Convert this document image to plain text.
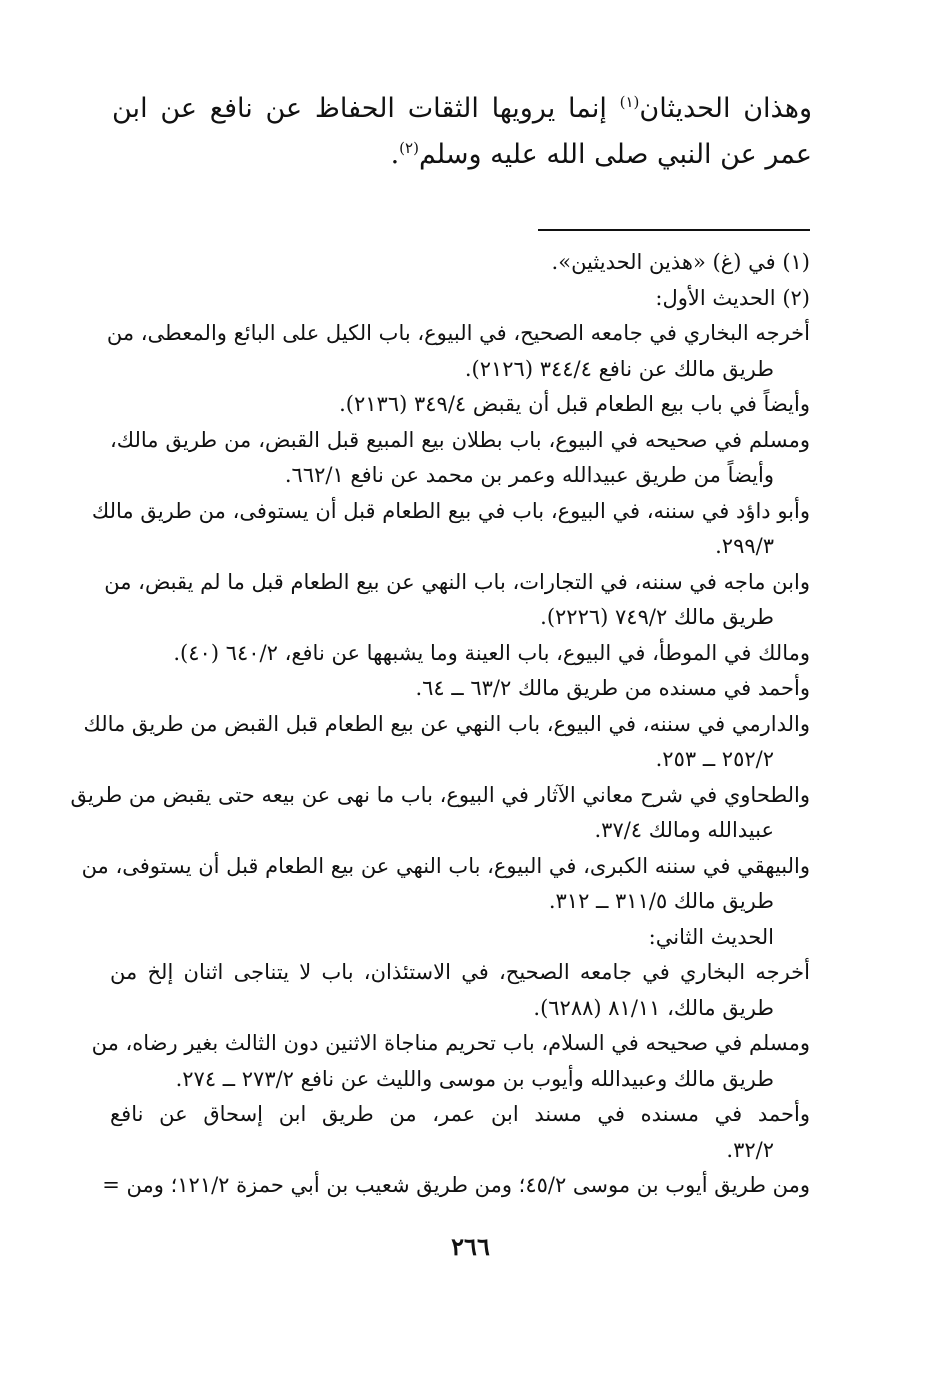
وهذان الحديثان$^{(١)}$ إنما يرويها الثقات الحفاظ عن نافع عن ابن عمر عن النبي صلى الله عليه وسلم$^{(٢)}$.
(١) في (غ) «هذين الحديثين».
(٢) الحديث الأول:
أخرجه البخاري في جامعه الصحيح، في البيوع، باب الكيل على البائع والمعطى، من
طريق مالك عن نافع ٣٤٤/٤ (٢١٢٦).
وأيضاً في باب بيع الطعام قبل أن يقبض ٣٤٩/٤ (٢١٣٦).
ومسلم في صحيحه في البيوع، باب بطلان بيع المبيع قبل القبض، من طريق مالك،
وأيضاً من طريق عبيدالله وعمر بن محمد عن نافع ٦٦٢/١.
وأبو داؤد في سننه، في البيوع، باب في بيع الطعام قبل أن يستوفى، من طريق مالك
٢٩٩/٣.
وابن ماجه في سننه، في التجارات، باب النهي عن بيع الطعام قبل ما لم يقبض، من
طريق مالك ٧٤٩/٢ (٢٢٢٦).
ومالك في الموطأ، في البيوع، باب العينة وما يشبهها عن نافع، ٦٤٠/٢ (٤٠).
وأحمد في مسنده من طريق مالك ٦٣/٢ ــ ٦٤.
والدارمي في سننه، في البيوع، باب النهي عن بيع الطعام قبل القبض من طريق مالك
٢٥٢/٢ ــ ٢٥٣.
والطحاوي في شرح معاني الآثار في البيوع، باب ما نهى عن بيعه حتى يقبض من طريق
عبيدالله ومالك ٣٧/٤.
والبيهقي في سننه الكبرى، في البيوع، باب النهي عن بيع الطعام قبل أن يستوفى، من
طريق مالك ٣١١/٥ ــ ٣١٢.
الحديث الثاني:
أخرجه البخاري في جامعه الصحيح، في الاستئذان، باب لا يتناجى اثنان إلخ من
طريق مالك، ٨١/١١ (٦٢٨٨).
ومسلم في صحيحه في السلام، باب تحريم مناجاة الاثنين دون الثالث بغير رضاه، من
طريق مالك وعبيدالله وأيوب بن موسى والليث عن نافع ٢٧٣/٢ ــ ٢٧٤.
وأحمد في مسنده في مسند ابن عمر، من طريق ابن إسحاق عن نافع
٣٢/٢.
ومن طريق أيوب بن موسى ٤٥/٢؛ ومن طريق شعيب بن أبي حمزة ١٢١/٢؛ ومن =
٢٦٦
